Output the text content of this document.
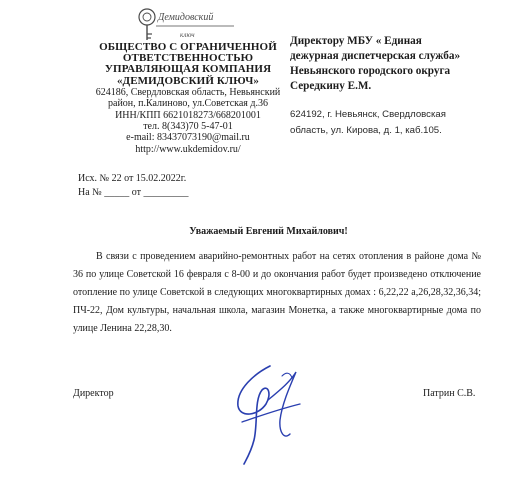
Демидовский
ключ
ОБЩЕСТВО С ОГРАНИЧЕННОЙ
ОТВЕТСТВЕННОСТЬЮ
УПРАВЛЯЮЩАЯ КОМПАНИЯ
«ДЕМИДОВСКИЙ КЛЮЧ»
624186, Свердловская область, Невьянский
район, п.Калиново, ул.Советская д.36
ИНН/КПП 6621018273/668201001
тел. 8(343)70 5-47-01
e-mail: 83437073190@mail.ru
http://www.ukdemidov.ru/
Директору МБУ « Единая
дежурная диспетчерская служба»
Невьянского городского округа
Середкину Е.М.
624192, г. Невьянск, Свердловская
область, ул. Кирова, д. 1, каб.105.
Исх. № 22 от 15.02.2022г.
На № _____ от _________
Уважаемый Евгений Михайлович!
В связи с проведением аварийно-ремонтных работ на сетях отопления в районе дома № 36 по улице Советской 16 февраля с 8-00 и до окончания работ будет произведено отключение отопление по улице Советской в следующих многоквартирных домах : 6,22,22 а,26,28,32,36,34; ПЧ-22, Дом культуры, начальная школа, магазин Монетка, а также многоквартирные дома по улице Ленина 22,28,30.
Директор	Патрин С.В.
